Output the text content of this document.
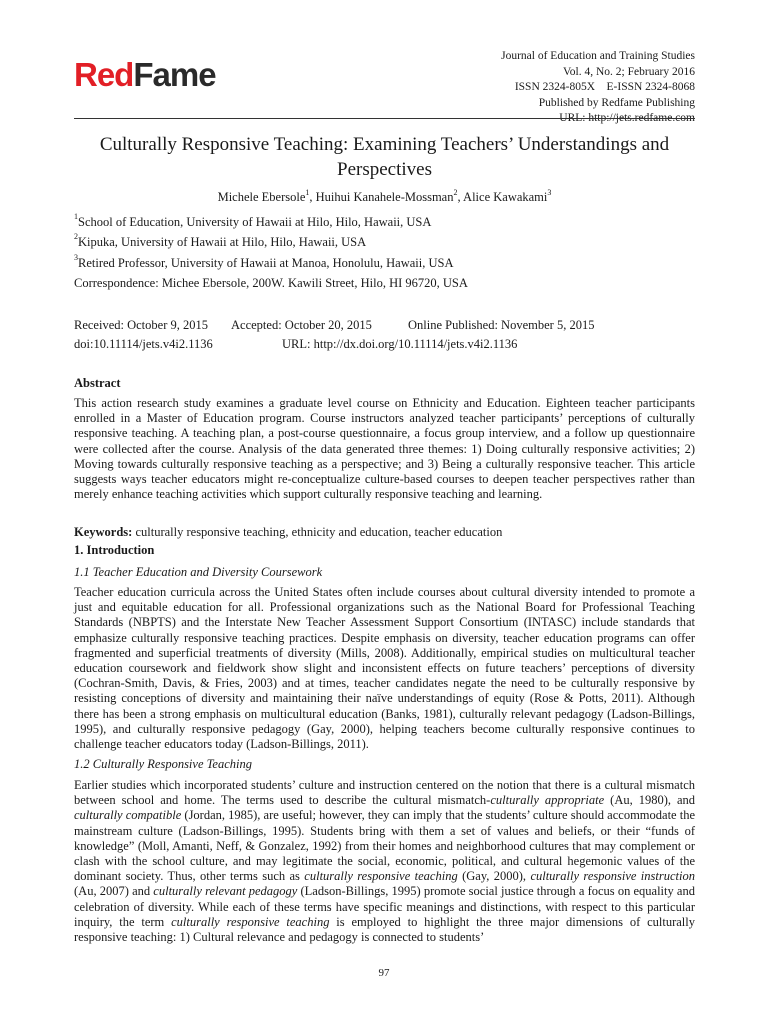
RedFame	Journal of Education and Training Studies
Vol. 4, No. 2; February 2016
ISSN 2324-805X    E-ISSN 2324-8068
Published by Redfame Publishing
URL: http://jets.redfame.com
Culturally Responsive Teaching: Examining Teachers’ Understandings and Perspectives
Michele Ebersole$^1$, Huihui Kanahele-Mossman$^2$, Alice Kawakami$^3$
$^1$School of Education, University of Hawaii at Hilo, Hilo, Hawaii, USA
$^2$Kipuka, University of Hawaii at Hilo, Hilo, Hawaii, USA
$^3$Retired Professor, University of Hawaii at Manoa, Honolulu, Hawaii, USA
Correspondence: Michee Ebersole, 200W. Kawili Street, Hilo, HI 96720, USA
Received: October 9, 2015 Accepted: October 20, 2015	Online Published: November 5, 2015
doi:10.11114/jets.v4i2.1136	URL: http://dx.doi.org/10.11114/jets.v4i2.1136
Abstract
This action research study examines a graduate level course on Ethnicity and Education. Eighteen teacher participants enrolled in a Master of Education program. Course instructors analyzed teacher participants’ perceptions of culturally responsive teaching. A teaching plan, a post-course questionnaire, a focus group interview, and a follow up questionnaire were collected after the course. Analysis of the data generated three themes: 1) Doing culturally responsive activities; 2) Moving towards culturally responsive teaching as a perspective; and 3) Being a culturally responsive teacher. This article suggests ways teacher educators might re-conceptualize culture-based courses to deepen teacher perspectives rather than merely enhance teaching activities which support culturally responsive teaching and learning.
Keywords: culturally responsive teaching, ethnicity and education, teacher education
1. Introduction
1.1 Teacher Education and Diversity Coursework
Teacher education curricula across the United States often include courses about cultural diversity intended to promote a just and equitable education for all. Professional organizations such as the National Board for Professional Teaching Standards (NBPTS) and the Interstate New Teacher Assessment Support Consortium (INTASC) include standards that emphasize culturally responsive teaching practices. Despite emphasis on diversity, teacher education programs can offer fragmented and superficial treatments of diversity (Mills, 2008). Additionally, empirical studies on multicultural teacher education coursework and fieldwork show slight and inconsistent effects on future teachers’ perceptions of diversity (Cochran-Smith, Davis, & Fries, 2003) and at times, teacher candidates negate the need to be culturally responsive by resisting conceptions of diversity and maintaining their naïve understandings of equity (Rose & Potts, 2011). Although there has been a strong emphasis on multicultural education (Banks, 1981), culturally relevant pedagogy (Ladson-Billings, 1995), and culturally responsive pedagogy (Gay, 2000), helping teachers become culturally responsive continues to challenge teacher educators today (Ladson-Billings, 2011).
1.2 Culturally Responsive Teaching
Earlier studies which incorporated students’ culture and instruction centered on the notion that there is a cultural mismatch between school and home. The terms used to describe the cultural mismatch-culturally appropriate (Au, 1980), and culturally compatible (Jordan, 1985), are useful; however, they can imply that the students’ culture should accommodate the mainstream culture (Ladson-Billings, 1995). Students bring with them a set of values and beliefs, or their “funds of knowledge” (Moll, Amanti, Neff, & Gonzalez, 1992) from their homes and neighborhood cultures that may complement or clash with the school culture, and may legitimate the social, economic, political, and cultural hegemonic values of the dominant society. Thus, other terms such as culturally responsive teaching (Gay, 2000), culturally responsive instruction (Au, 2007) and culturally relevant pedagogy (Ladson-Billings, 1995) promote social justice through a focus on equality and celebration of diversity. While each of these terms have specific meanings and distinctions, with respect to this particular inquiry, the term culturally responsive teaching is employed to highlight the three major dimensions of culturally responsive teaching: 1) Cultural relevance and pedagogy is connected to students’
97
